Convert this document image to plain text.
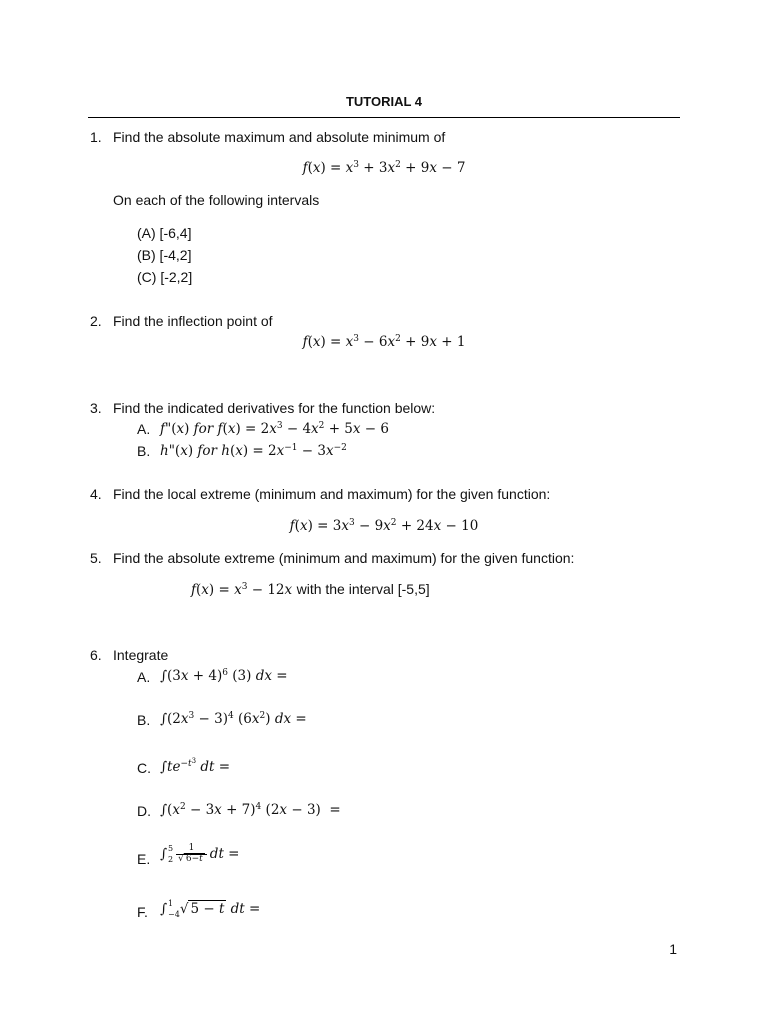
TUTORIAL 4
1. Find the absolute maximum and absolute minimum of
$f(x) = x^3 + 3x^2 + 9x - 7$
On each of the following intervals
(A) [-6,4]
(B) [-4,2]
(C) [-2,2]
2. Find the inflection point of
$f(x) = x^3 - 6x^2 + 9x + 1$
3. Find the indicated derivatives for the function below:
A. f"(x) for $f(x) = 2x^3 - 4x^2 + 5x - 6$
B. h"(x) for $h(x) = 2x^{-1} - 3x^{-2}$
4. Find the local extreme (minimum and maximum) for the given function:
$f(x) = 3x^3 - 9x^2 + 24x - 10$
5. Find the absolute extreme (minimum and maximum) for the given function:
$f(x) = x^3 - 12x$ with the interval [-5,5]
6. Integrate
A. $\int(3x + 4)^6$ (3) dx =
B. $\int(2x^3 - 3)^4$ $(6x^2)$ dx =
C. $\int te^{-t^3}$ dt =
D. $\int(x^2 - 3x + 7)^4$ (2x − 3)  =
E. ∫ 5
$2 \frac{1}{√ 6-t}$ dt =
F. ∫ 1
−4 √ 5 − t dt =
1
